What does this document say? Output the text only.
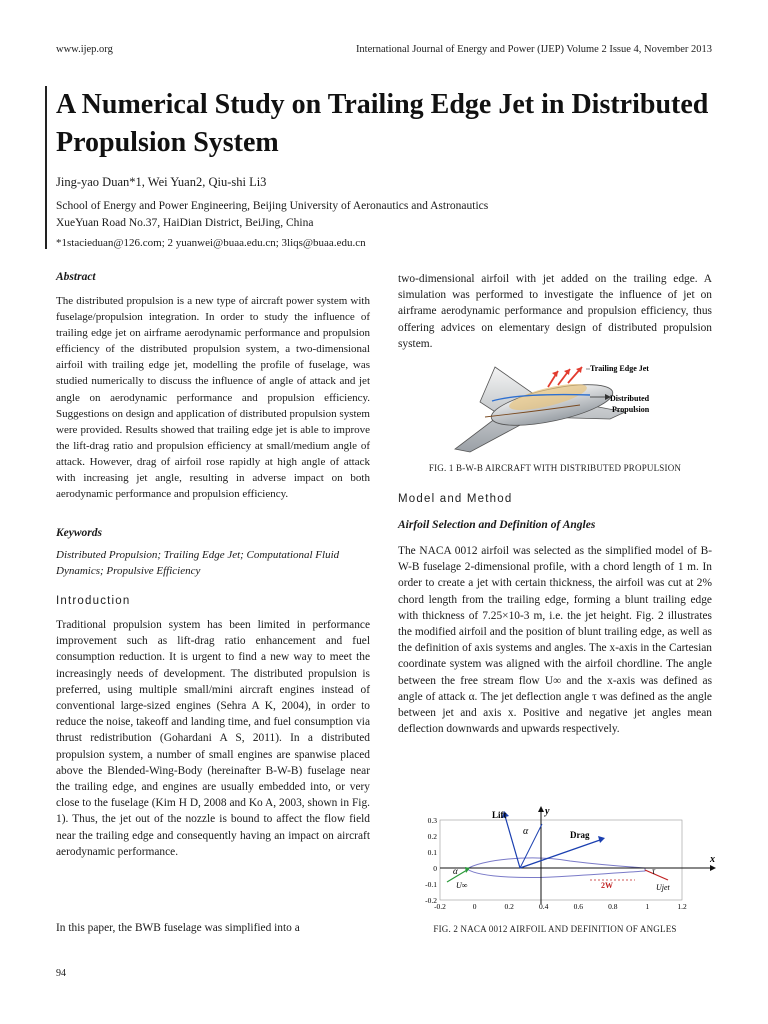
www.ijep.org	International Journal of Energy and Power (IJEP) Volume 2 Issue 4, November 2013
A Numerical Study on Trailing Edge Jet in Distributed Propulsion System
Jing-yao Duan*1, Wei Yuan2, Qiu-shi Li3
School of Energy and Power Engineering, Beijing University of Aeronautics and Astronautics
XueYuan Road No.37, HaiDian District, BeiJing, China
*1stacieduan@126.com; 2 yuanwei@buaa.edu.cn; 3liqs@buaa.edu.cn
Abstract
The distributed propulsion is a new type of aircraft power system with fuselage/propulsion integration. In order to study the influence of trailing edge jet on airframe aerodynamic performance and propulsion efficiency of the distributed propulsion system, a two-dimensional airfoil with trailing edge jet, modelling the profile of fuselage, was studied numerically to discuss the influence of angle of attack and jet angle on aerodynamic performance and propulsion efficiency. Suggestions on design and application of distributed propulsion system were provided. Results showed that trailing edge jet is able to improve the lift-drag ratio and propulsion efficiency at small/medium angle of attack. However, drag of airfoil rose rapidly at high angle of attack with increasing jet angle, resulting in adverse impact on both aerodynamic performance and propulsion efficiency.
Keywords
Distributed Propulsion; Trailing Edge Jet; Computational Fluid Dynamics; Propulsive Efficiency
Introduction
Traditional propulsion system has been limited in performance improvement such as lift-drag ratio enhancement and fuel consumption reduction. It is urgent to find a new way to meet the increasingly needs of development. The distributed propulsion is preferred, using multiple small/mini aircraft engines instead of conventional large-sized engines (Sehra A K, 2004), in order to reduce the noise, takeoff and landing time, and fuel consumption via thrust redistribution (Gohardani A S, 2011). In a distributed propulsion system, a number of small engines are spanwise placed above the Blended-Wing-Body (hereinafter B-W-B) fuselage near the trailing edge, and engines are usually embedded into, or very close to the fuselage (Kim H D, 2008 and Ko A, 2003, shown in Fig. 1). Thus, the jet out of the nozzle is bound to affect the flow field near the trailing edge and consequently having an impact on aircraft aerodynamic performance.
In this paper, the BWB fuselage was simplified into a
94
two-dimensional airfoil with jet added on the trailing edge. A simulation was performed to investigate the influence of jet on airframe aerodynamic performance and propulsion efficiency, thus offering advices on elementary design of distributed propulsion system.
Trailing Edge Jet
Distributed
Propulsion
FIG. 1 B-W-B AIRCRAFT WITH DISTRIBUTED PROPULSION
Model and Method
Airfoil Selection and Definition of Angles
The NACA 0012 airfoil was selected as the simplified model of B-W-B fuselage 2-dimensional profile, with a chord length of 1 m. In order to create a jet with certain thickness, the airfoil was cut at 2% chord length from the trailing edge, forming a blunt trailing edge with thickness of 7.25×10-3 m, i.e. the jet height. Fig. 2 illustrates the modified airfoil and the position of blunt trailing edge, as well as the definition of axis systems and angles. The x-axis in the Cartesian coordinate system was aligned with the airfoil chordline. The angle between the free stream flow U∞ and the x-axis was defined as angle of attack α. The jet deflection angle τ was defined as the angle between jet and axis x. Positive and negative jet angles mean deflection downwards and upwards respectively.
0.3
0.2
0.1
0
-0.1
-0.2
-0.2	0	0.2	0.4	0.6	0.8	1	1.2
Lift
Drag
x
y
α
α
U∞	2W
τ
Ujet
FIG. 2 NACA 0012 AIRFOIL AND DEFINITION OF ANGLES
